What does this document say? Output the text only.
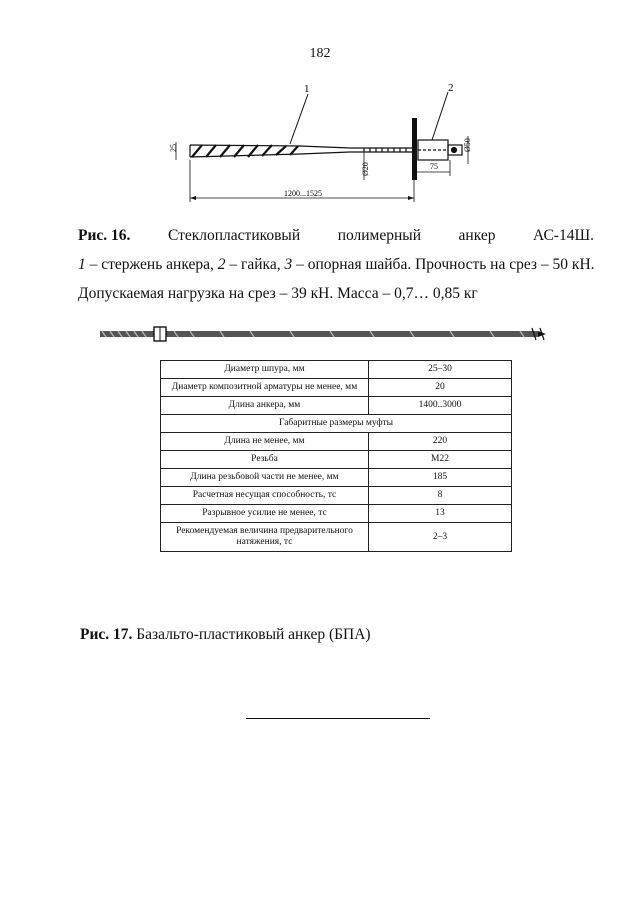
182
1	2
25
Ø20
Ø50
75
1200...1525
Рис. 16. Стеклопластиковый полимерный анкер АС-14Ш.
1 – стержень анкера, 2 – гайка, 3 – опорная шайба. Прочность на срез – 50 кН.
Допускаемая нагрузка на срез – 39 кН. Масса – 0,7… 0,85 кг
Диаметр шпура, мм	25–30
Диаметр композитной арматуры не менее, мм	20
Длина анкера, мм	1400..3000
Габаритные размеры муфты	
Длина не менее, мм	220
Резьба	М22
Длина резьбовой части не менее, мм	185
Расчетная несущая способность, тс	8
Разрывное усилие не менее, тс	13
Рекомендуемая величина предварительного натяжения, тс	2–3
Рис. 17. Базальто-пластиковый анкер (БПА)
